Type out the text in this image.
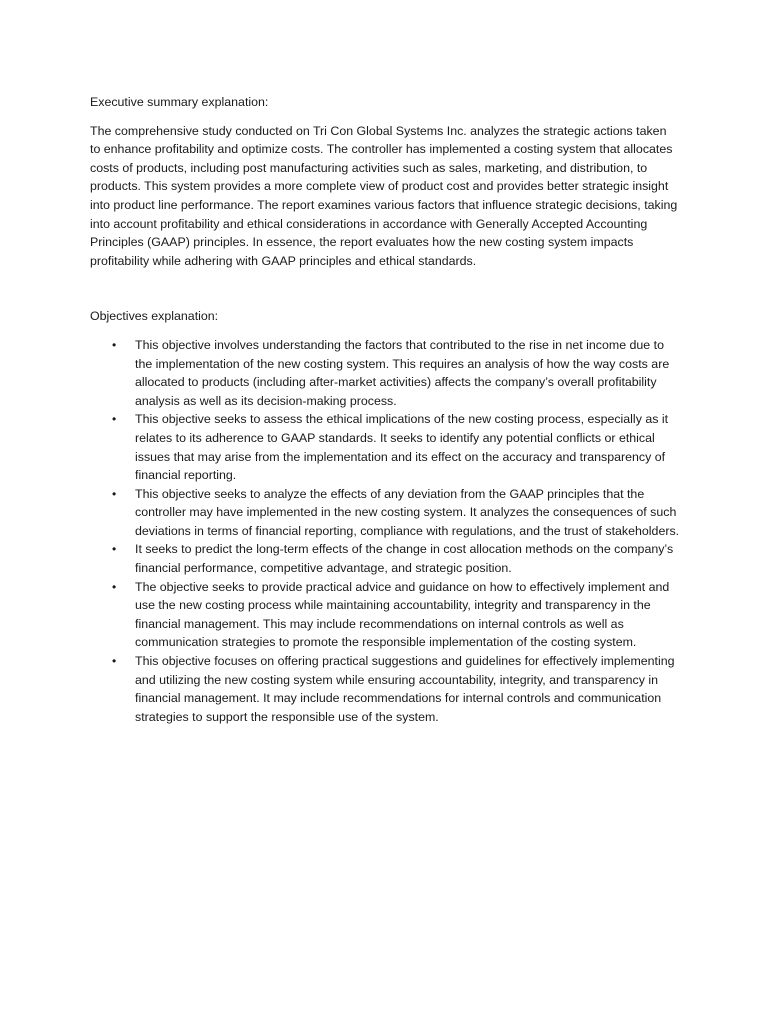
Executive summary explanation:

The comprehensive study conducted on Tri Con Global Systems Inc. analyzes the strategic actions taken to enhance profitability and optimize costs. The controller has implemented a costing system that allocates costs of products, including post manufacturing activities such as sales, marketing, and distribution, to products. This system provides a more complete view of product cost and provides better strategic insight into product line performance. The report examines various factors that influence strategic decisions, taking into account profitability and ethical considerations in accordance with Generally Accepted Accounting Principles (GAAP) principles. In essence, the report evaluates how the new costing system impacts profitability while adhering with GAAP principles and ethical standards.

Objectives explanation:

•	This objective involves understanding the factors that contributed to the rise in net income due to the implementation of the new costing system. This requires an analysis of how the way costs are allocated to products (including after-market activities) affects the company’s overall profitability analysis as well as its decision-making process.
•	This objective seeks to assess the ethical implications of the new costing process, especially as it relates to its adherence to GAAP standards. It seeks to identify any potential conflicts or ethical issues that may arise from the implementation and its effect on the accuracy and transparency of financial reporting.
•	This objective seeks to analyze the effects of any deviation from the GAAP principles that the controller may have implemented in the new costing system. It analyzes the consequences of such deviations in terms of financial reporting, compliance with regulations, and the trust of stakeholders.
•	It seeks to predict the long-term effects of the change in cost allocation methods on the company’s financial performance, competitive advantage, and strategic position.
•	The objective seeks to provide practical advice and guidance on how to effectively implement and use the new costing process while maintaining accountability, integrity and transparency in the financial management. This may include recommendations on internal controls as well as communication strategies to promote the responsible implementation of the costing system.
•	This objective focuses on offering practical suggestions and guidelines for effectively implementing and utilizing the new costing system while ensuring accountability, integrity, and transparency in financial management. It may include recommendations for internal controls and communication strategies to support the responsible use of the system.
